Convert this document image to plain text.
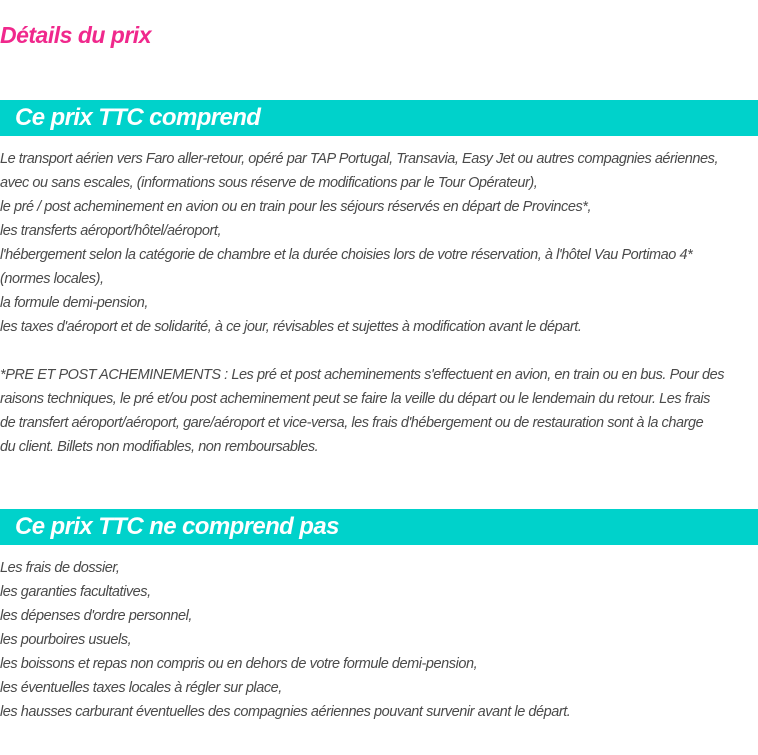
Détails du prix
Ce prix TTC comprend
Le transport aérien vers Faro aller-retour, opéré par TAP Portugal, Transavia, Easy Jet ou autres compagnies aériennes,
avec ou sans escales, (informations sous réserve de modifications par le Tour Opérateur),
le pré / post acheminement en avion ou en train pour les séjours réservés en départ de Provinces*,
les transferts aéroport/hôtel/aéroport,
l'hébergement selon la catégorie de chambre et la durée choisies lors de votre réservation, à l'hôtel Vau Portimao 4*
(normes locales),
la formule demi-pension,
les taxes d'aéroport et de solidarité, à ce jour, révisables et sujettes à modification avant le départ.
*PRE ET POST ACHEMINEMENTS : Les pré et post acheminements s'effectuent en avion, en train ou en bus. Pour des
raisons techniques, le pré et/ou post acheminement peut se faire la veille du départ ou le lendemain du retour. Les frais
de transfert aéroport/aéroport, gare/aéroport et vice-versa, les frais d'hébergement ou de restauration sont à la charge
du client. Billets non modifiables, non remboursables.
Ce prix TTC ne comprend pas
Les frais de dossier,
les garanties facultatives,
les dépenses d'ordre personnel,
les pourboires usuels,
les boissons et repas non compris ou en dehors de votre formule demi-pension,
les éventuelles taxes locales à régler sur place,
les hausses carburant éventuelles des compagnies aériennes pouvant survenir avant le départ.
